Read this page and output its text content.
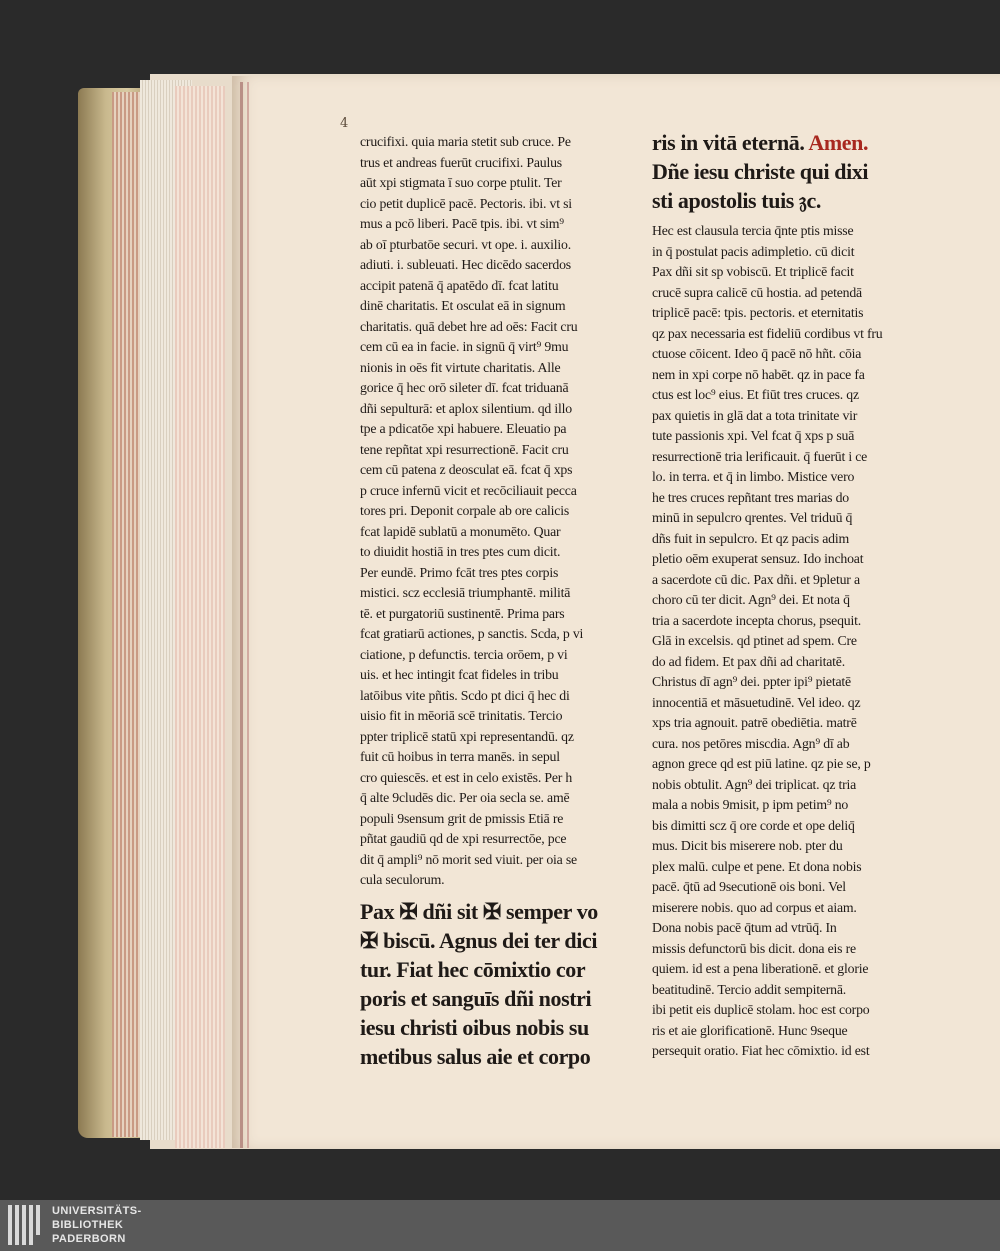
4
crucifixi. quia maria stetit sub cruce. Pe
trus et andreas fuerūt crucifixi. Paulus
aūt xpi stigmata ī suo corpe ptulit. Ter
cio petit duplicē pacē. Pectoris. ibi. vt si
mus a pcō liberi. Pacē tpis. ibi. vt sim⁹
ab oī pturbatōe securi. vt ope. i. auxilio.
adiuti. i. subleuati. Hec dicēdo sacerdos
accipit patenā q̄ apatēdo dī. fcat latitu
dinē charitatis. Et osculat eā in signum
charitatis. quā debet hre ad oēs: Facit cru
cem cū ea in facie. in signū q̄ virt⁹ 9mu
nionis in oēs fit virtute charitatis. Alle
gorice q̄ hec orō sileter dī. fcat triduanā
dñi sepulturā: et aplox silentium. qd illo
tpe a pdicatōe xpi habuere. Eleuatio pa
tene repñtat xpi resurrectionē. Facit cru
cem cū patena z deosculat eā. fcat q̄ xps
p cruce infernū vicit et recōciliauit pecca
tores pri. Deponit corpale ab ore calicis
fcat lapidē sublatū a monumēto. Quar
to diuidit hostiā in tres ptes cum dicit.
Per eundē. Primo fcāt tres ptes corpis
mistici. scz ecclesiā triumphantē. militā
tē. et purgatoriū sustinentē. Prima pars
fcat gratiarū actiones, p sanctis. Scda, p vi
ciatione, p defunctis. tercia orōem, p vi
uis. et hec intingit fcat fideles in tribu
latōibus vite pñtis. Scdo pt dici q̄ hec di
uisio fit in mēoriā scē trinitatis. Tercio
ppter triplicē statū xpi representandū. qz
fuit cū hoibus in terra manēs. in sepul
cro quiescēs. et est in celo existēs. Per h
q̄ alte 9cludēs dic. Per oia secla se. amē
populi 9sensum grit de pmissis Etiā re
pñtat gaudiū qd de xpi resurrectōe, pce
dit q̄ ampli⁹ nō morit sed viuit. per oia se
cula seculorum.
Pax ✠ dñi sit ✠ semper vo
✠ biscū. Agnus dei ter dici
tur. Fiat hec cōmixtio cor
poris et sanguīs dñi nostri
iesu christi oibus nobis su
metibus salus aie et corpo
ris in vitā eternā. Amen.
Dñe iesu christe qui dixi
sti apostolis tuis 𝔷c.
Hec est clausula tercia q̄nte ptis misse
in q̄ postulat pacis adimpletio. cū dicit
Pax dñi sit sp vobiscū. Et triplicē facit
crucē supra calicē cū hostia. ad petendā
triplicē pacē: tpis. pectoris. et eternitatis
qz pax necessaria est fideliū cordibus vt fru
ctuose cōicent. Ideo q̄ pacē nō hñt. cōia
nem in xpi corpe nō habēt. qz in pace fa
ctus est loc⁹ eius. Et fiūt tres cruces. qz
pax quietis in glā dat a tota trinitate vir
tute passionis xpi. Vel fcat q̄ xps p suā
resurrectionē tria lerificauit. q̄ fuerūt i ce
lo. in terra. et q̄ in limbo. Mistice vero
he tres cruces repñtant tres marias do
minū in sepulcro qrentes. Vel triduū q̄
dñs fuit in sepulcro. Et qz pacis adim
pletio oēm exuperat sensuz. Ido inchoat
a sacerdote cū dic. Pax dñi. et 9pletur a
choro cū ter dicit. Agn⁹ dei. Et nota q̄
tria a sacerdote incepta chorus, psequit.
Glā in excelsis. qd ptinet ad spem. Cre
do ad fidem. Et pax dñi ad charitatē.
Christus dī agn⁹ dei. ppter ipi⁹ pietatē
innocentiā et māsuetudinē. Vel ideo. qz
xps tria agnouit. patrē obediētia. matrē
cura. nos petōres miscdia. Agn⁹ dī ab
agnon grece qd est piū latine. qz pie se, p
nobis obtulit. Agn⁹ dei triplicat. qz tria
mala a nobis 9misit, p ipm petim⁹ no
bis dimitti scz q̄ ore corde et ope deliq̄
mus. Dicit bis miserere nob. pter du
plex malū. culpe et pene. Et dona nobis
pacē. q̄tū ad 9secutionē ois boni. Vel
miserere nobis. quo ad corpus et aiam.
Dona nobis pacē q̄tum ad vtrūq̄. In
missis defunctorū bis dicit. dona eis re
quiem. id est a pena liberationē. et glorie
beatitudinē. Tercio addit sempiternā.
ibi petit eis duplicē stolam. hoc est corpo
ris et aie glorificationē. Hunc 9seque
persequit oratio. Fiat hec cōmixtio. id est
UNIVERSITÄTS-
BIBLIOTHEK
PADERBORN
